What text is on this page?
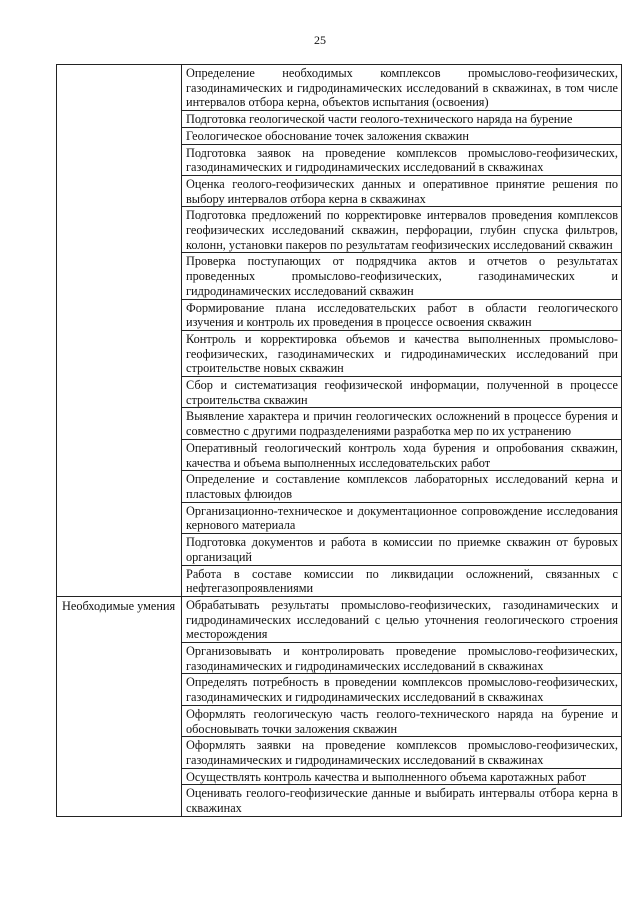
25
	Определение необходимых комплексов промыслово-геофизических, газодинамических и гидродинамических исследований в скважинах, в том числе интервалов отбора керна, объектов испытания (освоения)
	Подготовка геологической части геолого-технического наряда на бурение
	Геологическое обоснование точек заложения скважин
	Подготовка заявок на проведение комплексов промыслово-геофизических, газодинамических и гидродинамических исследований в скважинах
	Оценка геолого-геофизических данных и оперативное принятие решения по выбору интервалов отбора керна в скважинах
	Подготовка предложений по корректировке интервалов проведения комплексов геофизических исследований скважин, перфорации, глубин спуска фильтров, колонн, установки пакеров по результатам геофизических исследований скважин
	Проверка поступающих от подрядчика актов и отчетов о результатах проведенных промыслово-геофизических, газодинамических и гидродинамических исследований скважин
	Формирование плана исследовательских работ в области геологического изучения и контроль их проведения в процессе освоения скважин
	Контроль и корректировка объемов и качества выполненных промыслово-геофизических, газодинамических и гидродинамических исследований при строительстве новых скважин
	Сбор и систематизация геофизической информации, полученной в процессе строительства скважин
	Выявление характера и причин геологических осложнений в процессе бурения и совместно с другими подразделениями разработка мер по их устранению
	Оперативный геологический контроль хода бурения и опробования скважин, качества и объема выполненных исследовательских работ
	Определение и составление комплексов лабораторных исследований керна и пластовых флюидов
	Организационно-техническое и документационное сопровождение исследования кернового материала
	Подготовка документов и работа в комиссии по приемке скважин от буровых организаций
	Работа в составе комиссии по ликвидации осложнений, связанных с нефтегазопроявлениями
Необходимые умения	Обрабатывать результаты промыслово-геофизических, газодинамических и гидродинамических исследований с целью уточнения геологического строения месторождения
	Организовывать и контролировать проведение промыслово-геофизических, газодинамических и гидродинамических исследований в скважинах
	Определять потребность в проведении комплексов промыслово-геофизических, газодинамических и гидродинамических исследований в скважинах
	Оформлять геологическую часть геолого-технического наряда на бурение и обосновывать точки заложения скважин
	Оформлять заявки на проведение комплексов промыслово-геофизических, газодинамических и гидродинамических исследований в скважинах
	Осуществлять контроль качества и выполненного объема каротажных работ
	Оценивать геолого-геофизические данные и выбирать интервалы отбора керна в скважинах
